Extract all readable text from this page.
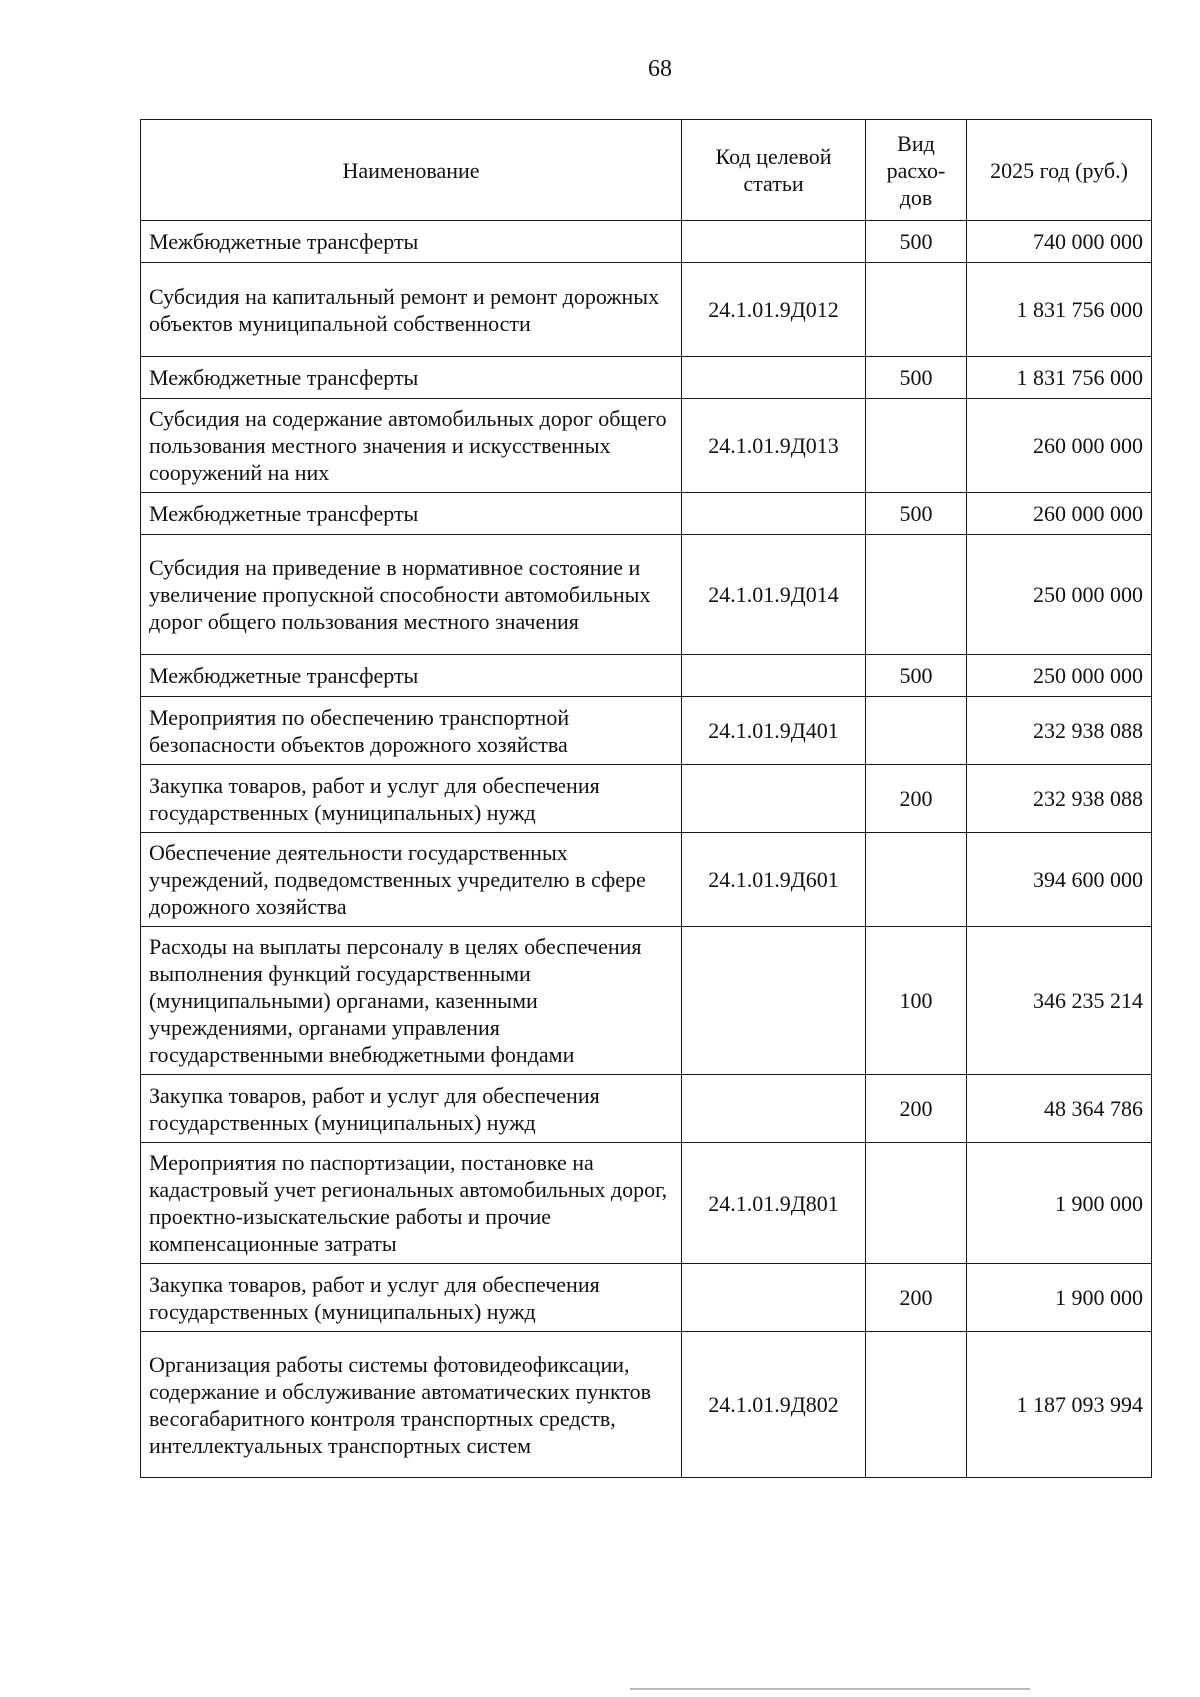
68
Наименование	Код целевой статьи	Вид расхо-дов	2025 год (руб.)
Межбюджетные трансферты		500	740 000 000
Субсидия на капитальный ремонт и ремонт дорожных объектов муниципальной собственности	24.1.01.9Д012		1 831 756 000
Межбюджетные трансферты		500	1 831 756 000
Субсидия на содержание автомобильных дорог общего пользования местного значения и искусственных сооружений на них	24.1.01.9Д013		260 000 000
Межбюджетные трансферты		500	260 000 000
Субсидия на приведение в нормативное состояние и увеличение пропускной способности автомобильных дорог общего пользования местного значения	24.1.01.9Д014		250 000 000
Межбюджетные трансферты		500	250 000 000
Мероприятия по обеспечению транспортной безопасности объектов дорожного хозяйства	24.1.01.9Д401		232 938 088
Закупка товаров, работ и услуг для обеспечения государственных (муниципальных) нужд		200	232 938 088
Обеспечение деятельности государственных учреждений, подведомственных учредителю в сфере дорожного хозяйства	24.1.01.9Д601		394 600 000
Расходы на выплаты персоналу в целях обеспечения выполнения функций государственными (муниципальными) органами, казенными учреждениями, органами управления государственными внебюджетными фондами		100	346 235 214
Закупка товаров, работ и услуг для обеспечения государственных (муниципальных) нужд		200	48 364 786
Мероприятия по паспортизации, постановке на кадастровый учет региональных автомобильных дорог, проектно-изыскательские работы и прочие компенсационные затраты	24.1.01.9Д801		1 900 000
Закупка товаров, работ и услуг для обеспечения государственных (муниципальных) нужд		200	1 900 000
Организация работы системы фотовидеофиксации, содержание и обслуживание автоматических пунктов весогабаритного контроля транспортных средств, интеллектуальных транспортных систем	24.1.01.9Д802		1 187 093 994
